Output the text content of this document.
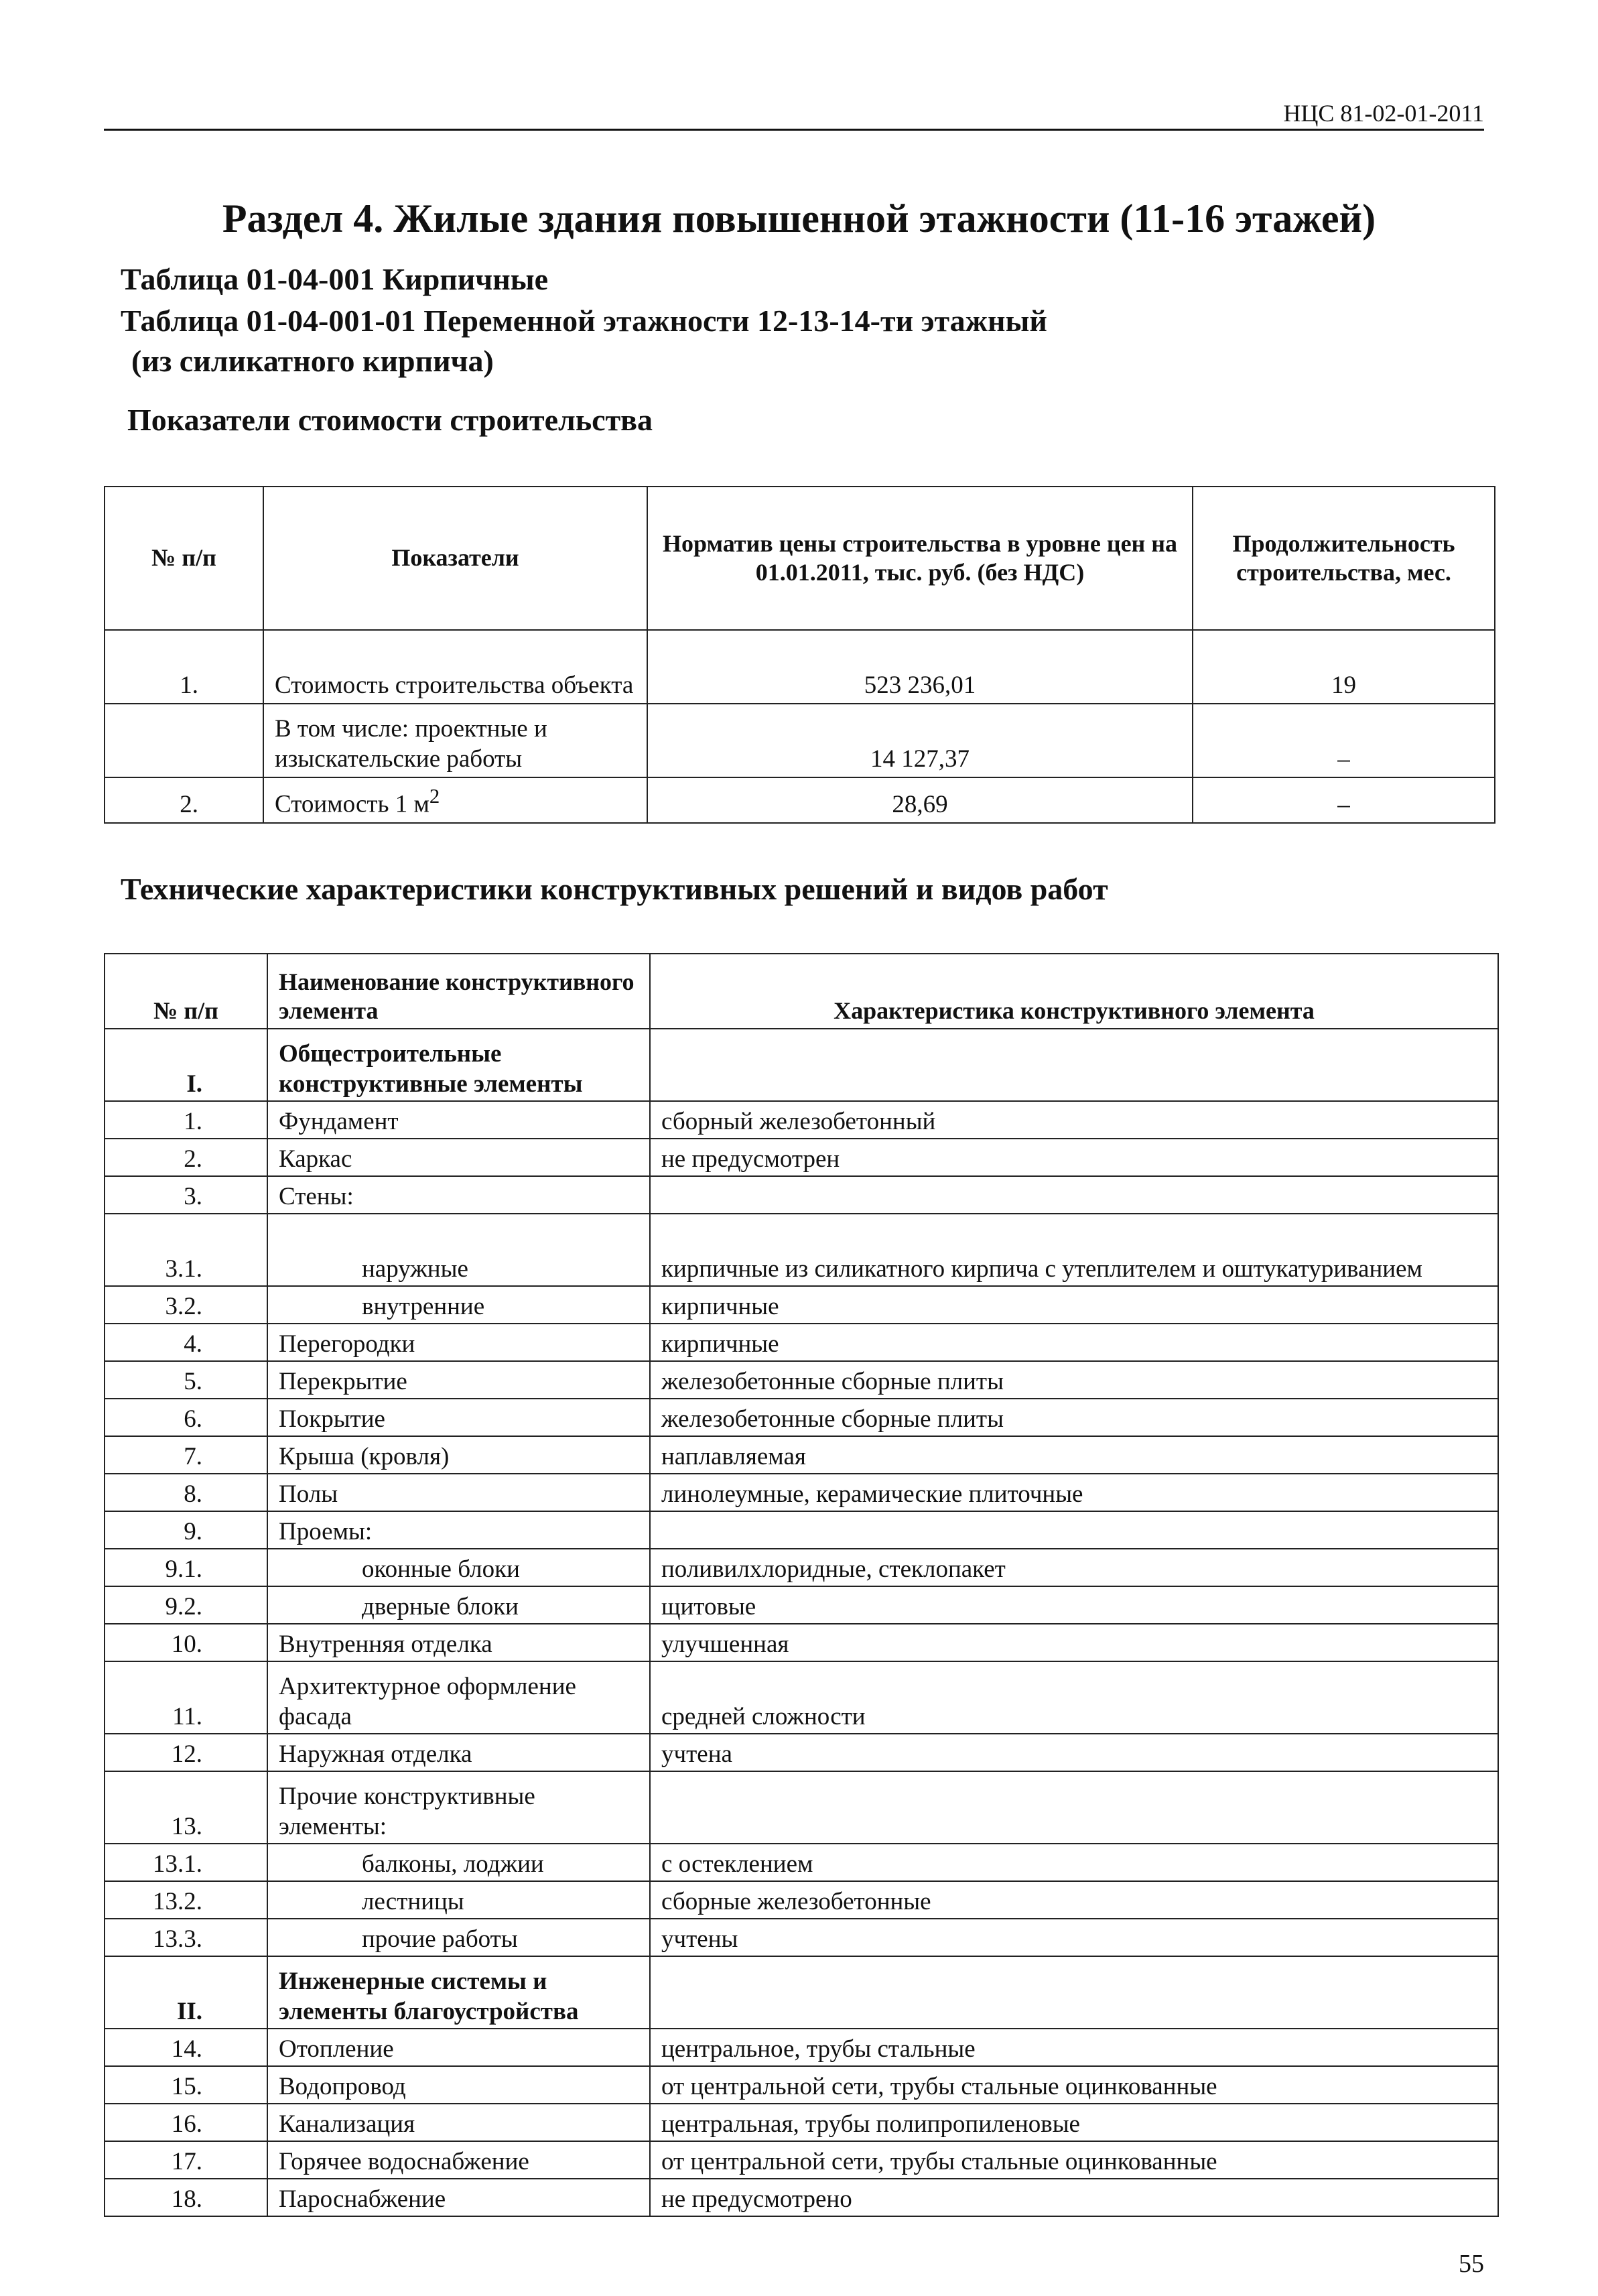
НЦС 81-02-01-2011
Раздел 4. Жилые здания повышенной этажности (11-16 этажей)
Таблица 01-04-001 Кирпичные
Таблица 01-04-001-01 Переменной этажности 12-13-14-ти этажный
(из силикатного кирпича)
Показатели стоимости строительства
№ п/п	Показатели	Норматив цены строительства в уровне цен на 01.01.2011, тыс. руб. (без НДС)	Продолжительность строительства, мес.
1.	Стоимость строительства объекта	523 236,01	19
	В том числе: проектные и изыскательские работы	14 127,37	–
2.	Стоимость 1 $м^2$	28,69	–
Технические характеристики конструктивных решений и видов работ
№ п/п	Наименование конструктивного элемента	Характеристика конструктивного элемента
I.	Общестроительные конструктивные элементы	
1.	Фундамент	сборный железобетонный
2.	Каркас	не предусмотрен
3.	Стены:	
3.1.	наружные	кирпичные из силикатного кирпича с утеплителем и оштукатуриванием
3.2.	внутренние	кирпичные
4.	Перегородки	кирпичные
5.	Перекрытие	железобетонные сборные плиты
6.	Покрытие	железобетонные сборные плиты
7.	Крыша (кровля)	наплавляемая
8.	Полы	линолеумные, керамические плиточные
9.	Проемы:	
9.1.	оконные блоки	поливилхлоридные, стеклопакет
9.2.	дверные блоки	щитовые
10.	Внутренняя отделка	улучшенная
11.	Архитектурное оформление фасада	средней сложности
12.	Наружная отделка	учтена
13.	Прочие конструктивные элементы:	
13.1.	балконы, лоджии	с остеклением
13.2.	лестницы	сборные железобетонные
13.3.	прочие работы	учтены
II.	Инженерные системы и элементы благоустройства	
14.	Отопление	центральное, трубы стальные
15.	Водопровод	от центральной сети, трубы стальные оцинкованные
16.	Канализация	центральная, трубы полипропиленовые
17.	Горячее водоснабжение	от центральной сети, трубы стальные оцинкованные
18.	Пароснабжение	не предусмотрено
55
